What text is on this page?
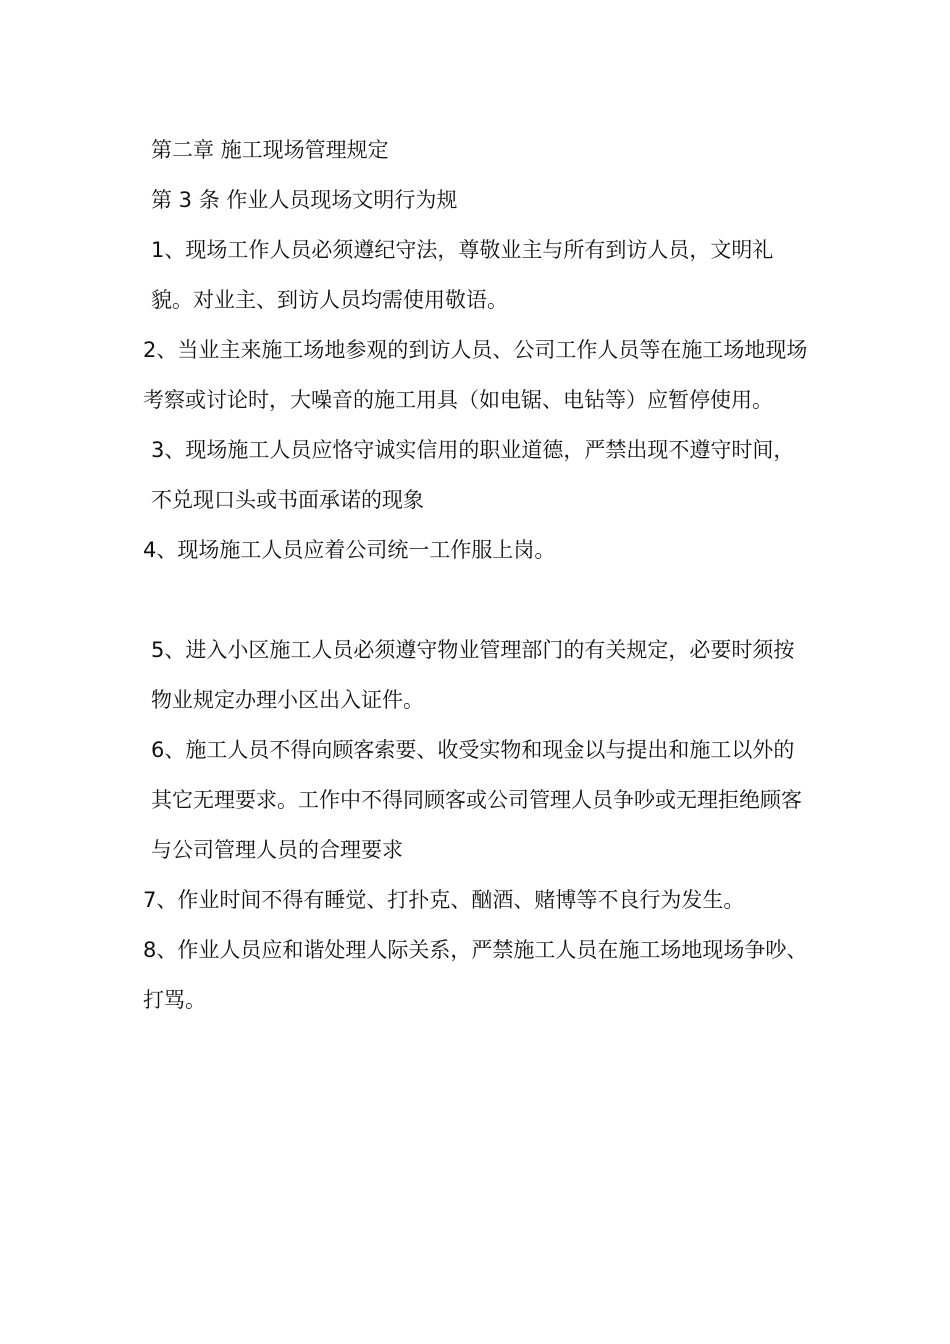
第二章 施工现场管理规定

第 3 条 作业人员现场文明行为规

1、现场工作人员必须遵纪守法，尊敬业主与所有到访人员，文明礼貌。对业主、到访人员均需使用敬语。

2、当业主来施工场地参观的到访人员、公司工作人员等在施工场地现场考察或讨论时，大噪音的施工用具（如电锯、电钻等）应暂停使用。

3、现场施工人员应恪守诚实信用的职业道德，严禁出现不遵守时间，不兑现口头或书面承诺的现象

4、现场施工人员应着公司统一工作服上岗。

5、进入小区施工人员必须遵守物业管理部门的有关规定，必要时须按物业规定办理小区出入证件。

6、施工人员不得向顾客索要、收受实物和现金以与提出和施工以外的其它无理要求。工作中不得同顾客或公司管理人员争吵或无理拒绝顾客与公司管理人员的合理要求

7、作业时间不得有睡觉、打扑克、酗酒、赌博等不良行为发生。

8、作业人员应和谐处理人际关系，严禁施工人员在施工场地现场争吵、打骂。
